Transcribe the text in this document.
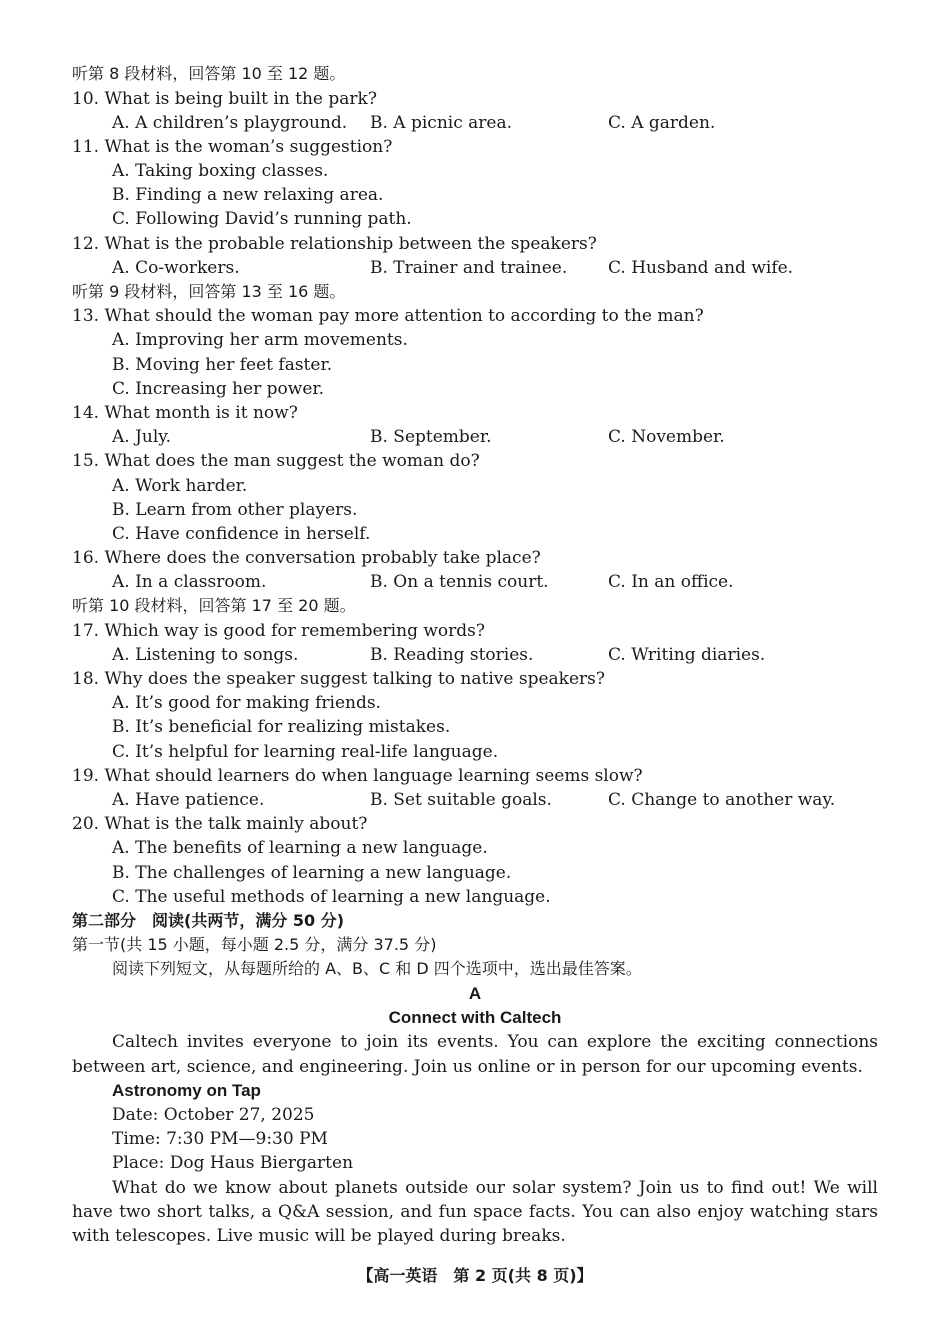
听第 8 段材料，回答第 10 至 12 题。
10. What is being built in the park?
A. A children’s playground. B. A picnic area.	C. A garden.
11. What is the woman’s suggestion?
A. Taking boxing classes.
B. Finding a new relaxing area.
C. Following David’s running path.
12. What is the probable relationship between the speakers?
A. Co-workers.	B. Trainer and trainee. C. Husband and wife.
听第 9 段材料，回答第 13 至 16 题。
13. What should the woman pay more attention to according to the man?
A. Improving her arm movements.
B. Moving her feet faster.
C. Increasing her power.
14. What month is it now?
A. July.	B. September.	C. November.
15. What does the man suggest the woman do?
A. Work harder.
B. Learn from other players.
C. Have confidence in herself.
16. Where does the conversation probably take place?
A. In a classroom.	B. On a tennis court.	C. In an office.
听第 10 段材料，回答第 17 至 20 题。
17. Which way is good for remembering words?
A. Listening to songs.	B. Reading stories.	C. Writing diaries.
18. Why does the speaker suggest talking to native speakers?
A. It’s good for making friends.
B. It’s beneficial for realizing mistakes.
C. It’s helpful for learning real-life language.
19. What should learners do when language learning seems slow?
A. Have patience.	B. Set suitable goals.	C. Change to another way.
20. What is the talk mainly about?
A. The benefits of learning a new language.
B. The challenges of learning a new language.
C. The useful methods of learning a new language.
第二部分　阅读(共两节，满分 50 分)
第一节(共 15 小题，每小题 2.5 分，满分 37.5 分)
阅读下列短文，从每题所给的 A、B、C 和 D 四个选项中，选出最佳答案。
A
Connect with Caltech
Caltech invites everyone to join its events. You can explore the exciting connections
between art, science, and engineering. Join us online or in person for our upcoming events.
Astronomy on Tap
Date: October 27, 2025
Time: 7:30 PM—9:30 PM
Place: Dog Haus Biergarten
What do we know about planets outside our solar system? Join us to find out! We will
have two short talks, a Q&A session, and fun space facts. You can also enjoy watching stars
with telescopes. Live music will be played during breaks.
【高一英语　第 2 页(共 8 页)】
